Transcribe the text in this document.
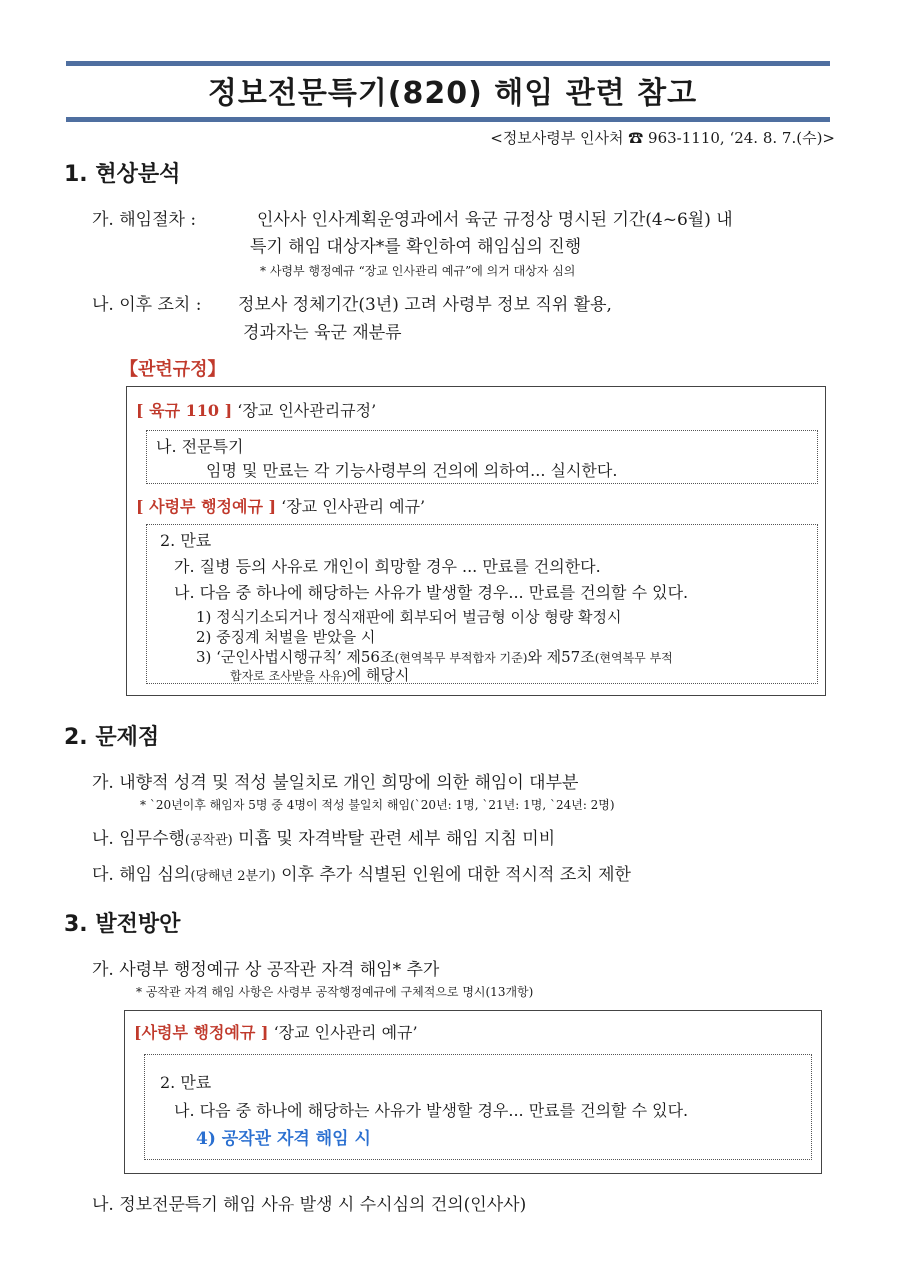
정보전문특기(820) 해임 관련 참고
<정보사령부 인사처 ☎ 963-1110, ‘24. 8. 7.(수)>
1. 현상분석
가. 해임절차 :	인사사 인사계획운영과에서 육군 규정상 명시된 기간(4~6월) 내
특기 해임 대상자*를 확인하여 해임심의 진행
* 사령부 행정예규 “장교 인사관리 예규”에 의거 대상자 심의
나. 이후 조치 : 정보사 정체기간(3년) 고려 사령부 정보 직위 활용,
경과자는 육군 재분류
【관련규정】
[ 육규 110 ] ‘장교 인사관리규정’
나. 전문특기
임명 및 만료는 각 기능사령부의 건의에 의하여... 실시한다.
[ 사령부 행정예규 ] ‘장교 인사관리 예규’
2. 만료
가. 질병 등의 사유로 개인이 희망할 경우 ... 만료를 건의한다.
나. 다음 중 하나에 해당하는 사유가 발생할 경우... 만료를 건의할 수 있다.
1) 정식기소되거나 정식재판에 회부되어 벌금형 이상 형량 확정시
2) 중징계 처벌을 받았을 시
3) ‘군인사법시행규칙’ 제56조(현역복무 부적합자 기준)와 제57조(현역복무 부적
합자로 조사받을 사유)에 해당시
2. 문제점
가. 내향적 성격 및 적성 불일치로 개인 희망에 의한 해임이 대부분
* `20년이후 해임자 5명 중 4명이 적성 불일치 해임(`20년: 1명, `21년: 1명, `24년: 2명)
나. 임무수행(공작관) 미흡 및 자격박탈 관련 세부 해임 지침 미비
다. 해임 심의(당해년 2분기) 이후 추가 식별된 인원에 대한 적시적 조치 제한
3. 발전방안
가. 사령부 행정예규 상 공작관 자격 해임* 추가
* 공작관 자격 해임 사항은 사령부 공작행정예규에 구체적으로 명시(13개항)
[사령부 행정예규 ] ‘장교 인사관리 예규’
2. 만료
나. 다음 중 하나에 해당하는 사유가 발생할 경우... 만료를 건의할 수 있다.
4) 공작관 자격 해임 시
나. 정보전문특기 해임 사유 발생 시 수시심의 건의(인사사)
